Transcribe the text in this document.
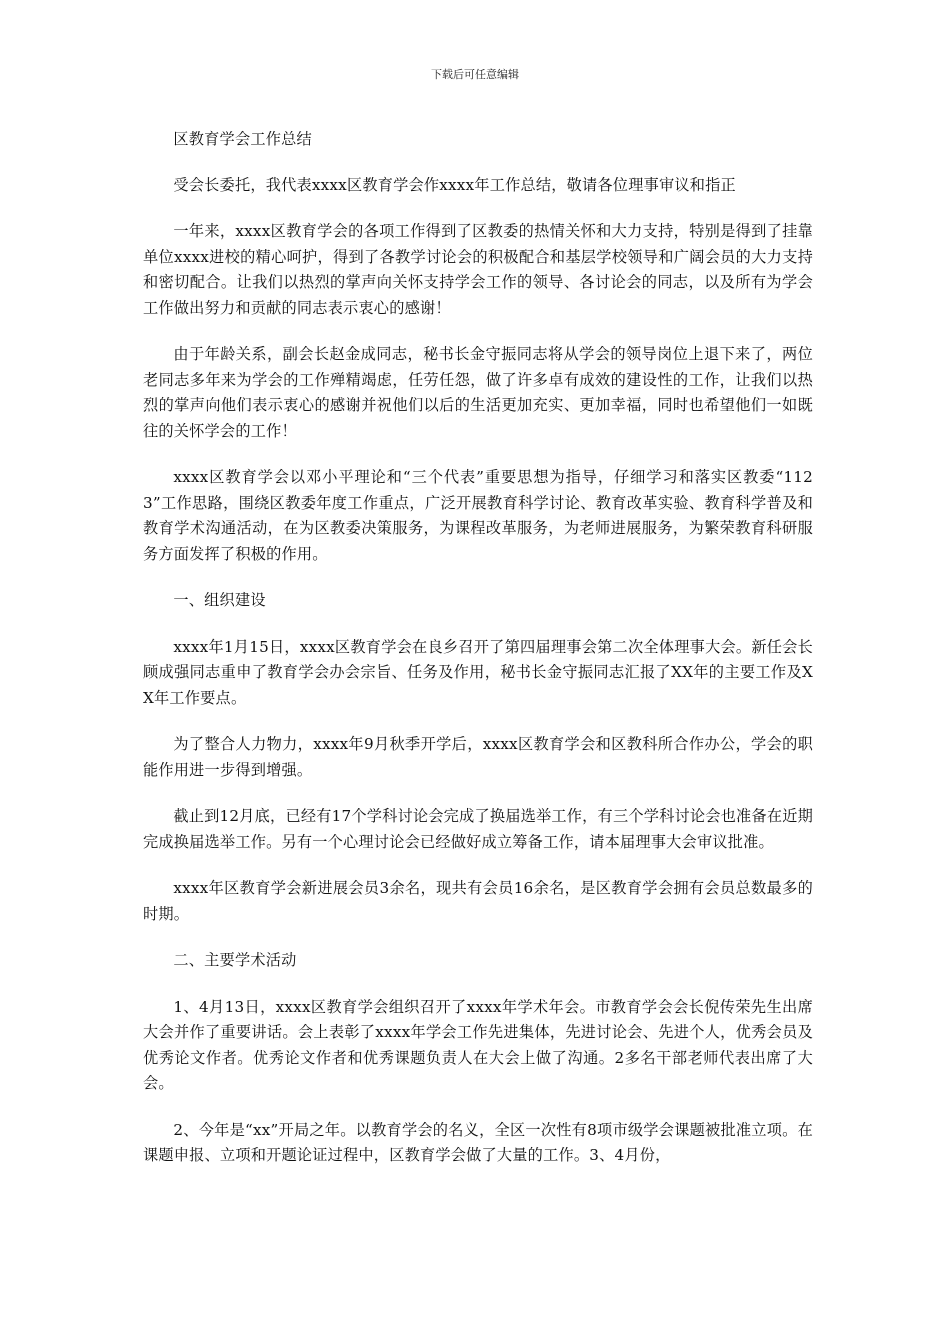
下载后可任意编辑

区教育学会工作总结

受会长委托，我代表xxxx区教育学会作xxxx年工作总结，敬请各位理事审议和指正

一年来，xxxx区教育学会的各项工作得到了区教委的热情关怀和大力支持，特别是得到了挂靠单位xxxx进校的精心呵护，得到了各教学讨论会的积极配合和基层学校领导和广阔会员的大力支持和密切配合。让我们以热烈的掌声向关怀支持学会工作的领导、各讨论会的同志，以及所有为学会工作做出努力和贡献的同志表示衷心的感谢！

由于年龄关系，副会长赵金成同志，秘书长金守振同志将从学会的领导岗位上退下来了，两位老同志多年来为学会的工作殚精竭虑，任劳任怨，做了许多卓有成效的建设性的工作，让我们以热烈的掌声向他们表示衷心的感谢并祝他们以后的生活更加充实、更加幸福，同时也希望他们一如既往的关怀学会的工作！

xxxx区教育学会以邓小平理论和“三个代表”重要思想为指导，仔细学习和落实区教委“1123”工作思路，围绕区教委年度工作重点，广泛开展教育科学讨论、教育改革实验、教育科学普及和教育学术沟通活动，在为区教委决策服务，为课程改革服务，为老师进展服务，为繁荣教育科研服务方面发挥了积极的作用。

一、组织建设

xxxx年1月15日，xxxx区教育学会在良乡召开了第四届理事会第二次全体理事大会。新任会长顾成强同志重申了教育学会办会宗旨、任务及作用，秘书长金守振同志汇报了XX年的主要工作及XX年工作要点。

为了整合人力物力，xxxx年9月秋季开学后，xxxx区教育学会和区教科所合作办公，学会的职能作用进一步得到增强。

截止到12月底，已经有17个学科讨论会完成了换届选举工作，有三个学科讨论会也准备在近期完成换届选举工作。另有一个心理讨论会已经做好成立筹备工作，请本届理事大会审议批准。

xxxx年区教育学会新进展会员3余名，现共有会员16余名，是区教育学会拥有会员总数最多的时期。

二、主要学术活动

1、4月13日，xxxx区教育学会组织召开了xxxx年学术年会。市教育学会会长倪传荣先生出席大会并作了重要讲话。会上表彰了xxxx年学会工作先进集体，先进讨论会、先进个人，优秀会员及优秀论文作者。优秀论文作者和优秀课题负责人在大会上做了沟通。2多名干部老师代表出席了大会。

2、今年是“xx”开局之年。以教育学会的名义，全区一次性有8项市级学会课题被批准立项。在课题申报、立项和开题论证过程中，区教育学会做了大量的工作。3、4月份，
